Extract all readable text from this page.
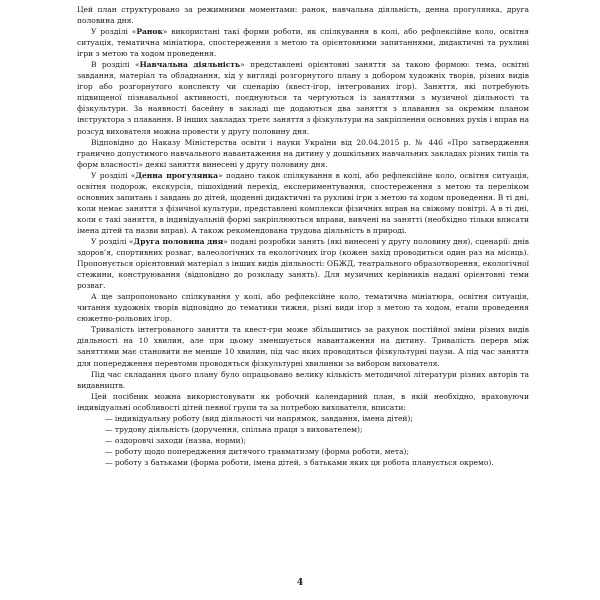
Цей план структуровано за режимними моментами: ранок, навчальна діяльність, денна прогулянка, друга половина дня.

У розділі «Ранок» використані такі форми роботи, як спілкування в колі, або рефлексійне коло, освітня ситуація, тематична мініатюра, спостереження з метою та орієнтовними запитаннями, дидактичні та рухливі ігри з метою та ходом проведення.

В розділі «Навчальна діяльність» представлені орієнтовні заняття за такою формою: тема, освітні завдання, матеріал та обладнання, хід у вигляді розгорнутого плану з добором художніх творів, різних видів ігор або розгорнутого конспекту чи сценарію (квест-ігор, інтегрованих ігор). Заняття, які потребують підвищеної пізнавальної активності, поєднуються та чергуються із заняттями з музичної діяльності та фізкультури. За наявності басейну в закладі ще додаються два заняття з плавання за окремим планом інструктора з плавання. В інших закладах третє заняття з фізкультури на закріплення основних рухів і вправ на розсуд вихователя можна провести у другу половину дня.

Відповідно до Наказу Міністерства освіти і науки України від 20.04.2015 р. № 446 «Про затвердження гранично допустимого навчального навантаження на дитину у дошкільних навчальних закладах різних типів та форм власності» деякі заняття винесені у другу половину дня.

У розділі «Денна прогулянка» подано такок спілкування в колі, або рефлексійне коло, освітня ситуація, освітня подорож, екскурсія, пішохідний перехід, експериментування, спостереження з метою та переліком основних запитань і завдань до дітей, щоденні дидактичні та рухливі ігри з метою та ходом проведення. В ті дні, коли немає заняття з фізичної культури, представлені комплекси фізичних вправ на свіжому повітрі. А в ті дні, коли є такі заняття, в індивідуальній формі закріплюються вправи, вивчені на занятті (необхідно тільки вписати імена дітей та назви вправ). А також рекомендована трудова діяльність в природі.

У розділі «Друга половина дня» подані розробки занять (які винесені у другу половину дня), сценарії: днів здоров’я, спортивних розваг, валеологічних та екологічних ігор (кожен захід проводиться один раз на місяць). Пропонується орієнтовний матеріал з інших видів діяльності: ОБЖД, театрального образотворення, екологічної стежини, конструювання (відповідно до розкладу занять). Для музичних керівників надані орієнтовні теми розваг.

А ще запропоновано спілкування у колі, або рефлексійне коло, тематична мініатюра, освітня ситуація, читання художніх творів відповідно до тематики тижня, різні види ігор з метою та ходом, етапи проведення сюжетно-рольових ігор.

Тривалість інтегрованого заняття та квест-гри може збільшитись за рахунок постійної зміни різних видів діяльності на 10 хвилин, але при цьому зменшується навантаження на дитину. Тривалість перерв між заняттями має становити не менше 10 хвилин, під час яких проводяться фізкультурні паузи. А під час заняття для попередження перевтоми проводяться фізкультурні хвилинки за вибором вихователя.

Під час складання цього плану було опрацьовано велику кількість методичної літератури різних авторів та видавництв.

Цей посібник можна використовувати як робочий календарний план, в якій необхідно, враховуючи індивідуальні особливості дітей певної групи та за потребою вихователя, вписати:

— індивідуальну роботу (вид діяльності чи напрямок, завдання, імена дітей);

— трудову діяльність (доручення, спільна праця з вихователем);

— оздоровчі заходи (назва, норми);

— роботу щодо попередження дитячого травматизму (форма роботи, мета);

— роботу з батьками (форма роботи, імена дітей, з батьками яких ця робота планується окремо).

4
